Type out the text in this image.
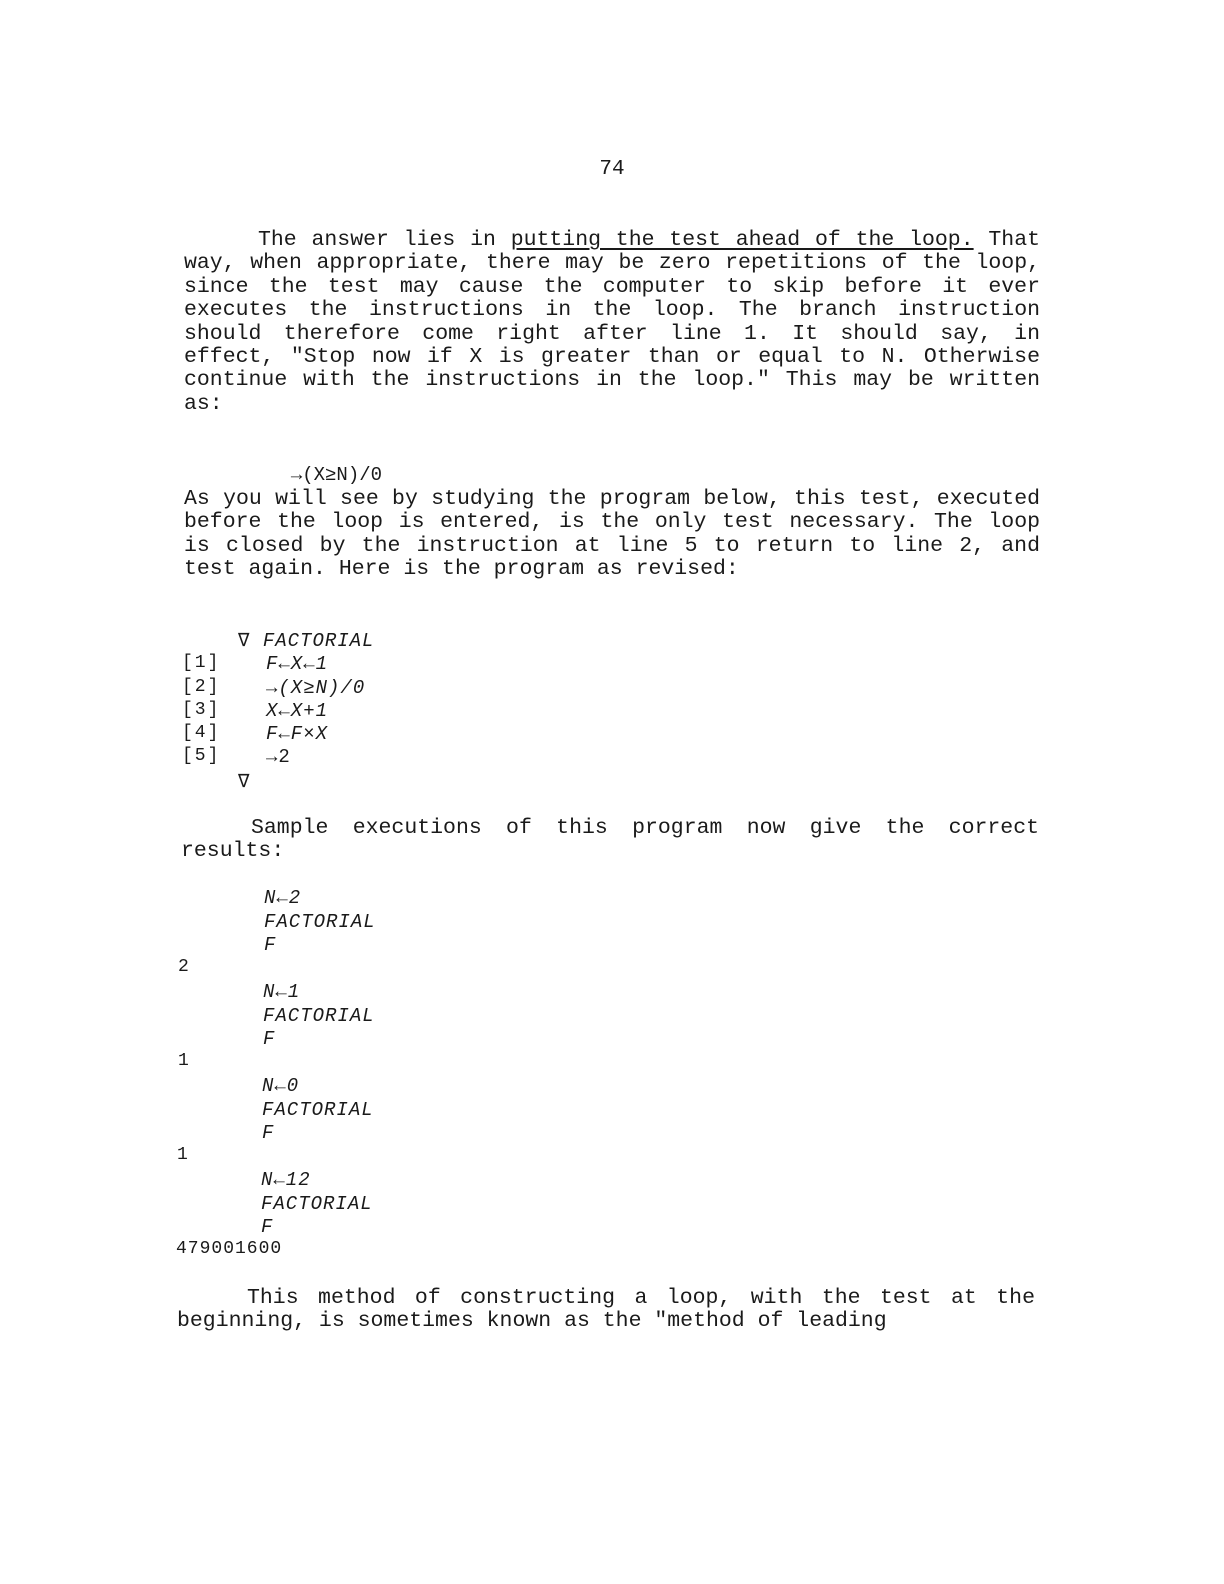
74

The answer lies in putting the test ahead of the loop. That way, when appropriate, there may be zero repetitions of the loop, since the test may cause the computer to skip before it ever executes the instructions in the loop. The branch instruction should therefore come right after line 1. It should say, in effect, "Stop now if X is greater than or equal to N. Otherwise continue with the instructions in the loop." This may be written as:

→(X≥N)/0

As you will see by studying the program below, this test, executed before the loop is entered, is the only test necessary. The loop is closed by the instruction at line 5 to return to line 2, and test again. Here is the program as revised:

∇ FACTORIAL
[1] F←X←1
[2] →(X≥N)/0
[3] X←X+1
[4] F←F×X
[5] →2
∇

Sample executions of this program now give the correct results:

N←2
FACTORIAL
F
2
N←1
FACTORIAL
F
1
N←0
FACTORIAL
F
1
N←12
FACTORIAL
F
479001600

This method of constructing a loop, with the test at the beginning, is sometimes known as the "method of leading
